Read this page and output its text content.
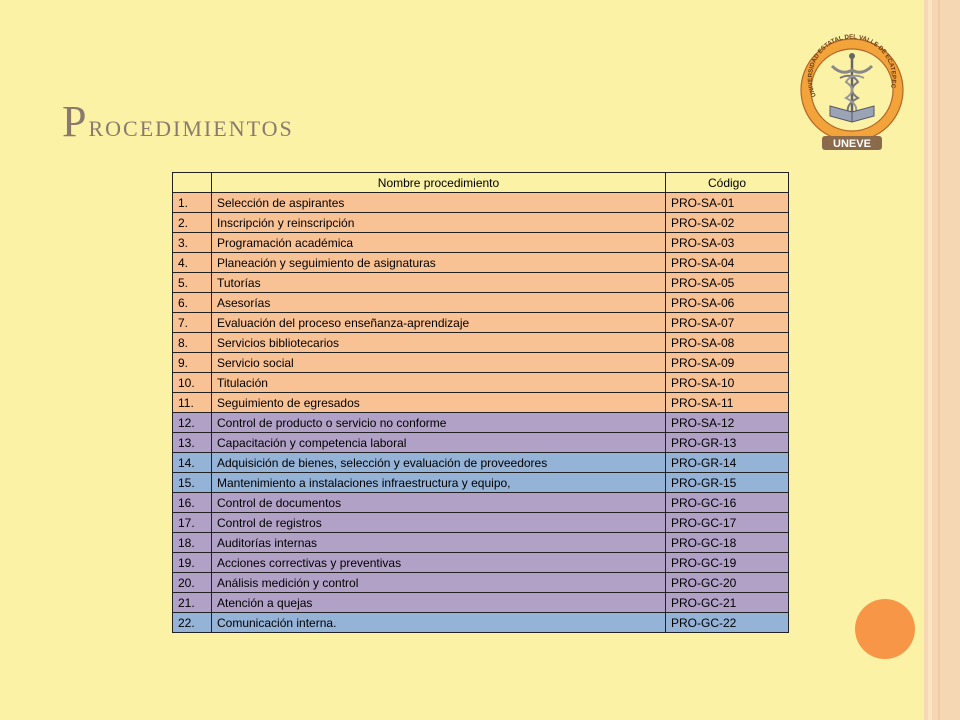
Procedimientos
UNIVERSIDAD ESTATAL DEL VALLE DE ECATEPEC
UNEVE
	Nombre procedimiento	Código
1.	Selección de aspirantes	PRO-SA-01
2.	Inscripción y reinscripción	PRO-SA-02
3.	Programación académica	PRO-SA-03
4.	Planeación y seguimiento de asignaturas	PRO-SA-04
5.	Tutorías	PRO-SA-05
6.	Asesorías	PRO-SA-06
7.	Evaluación del proceso enseñanza-aprendizaje	PRO-SA-07
8.	Servicios bibliotecarios	PRO-SA-08
9.	Servicio social	PRO-SA-09
10.	Titulación	PRO-SA-10
11.	Seguimiento de egresados	PRO-SA-11
12.	Control de producto o servicio no conforme	PRO-SA-12
13.	Capacitación y competencia laboral	PRO-GR-13
14.	Adquisición de bienes, selección y evaluación de proveedores	PRO-GR-14
15.	Mantenimiento a instalaciones infraestructura y equipo,	PRO-GR-15
16.	Control de documentos	PRO-GC-16
17.	Control de registros	PRO-GC-17
18.	Auditorías internas	PRO-GC-18
19.	Acciones correctivas y preventivas	PRO-GC-19
20.	Análisis medición y control	PRO-GC-20
21.	Atención a quejas	PRO-GC-21
22.	Comunicación interna.	PRO-GC-22
